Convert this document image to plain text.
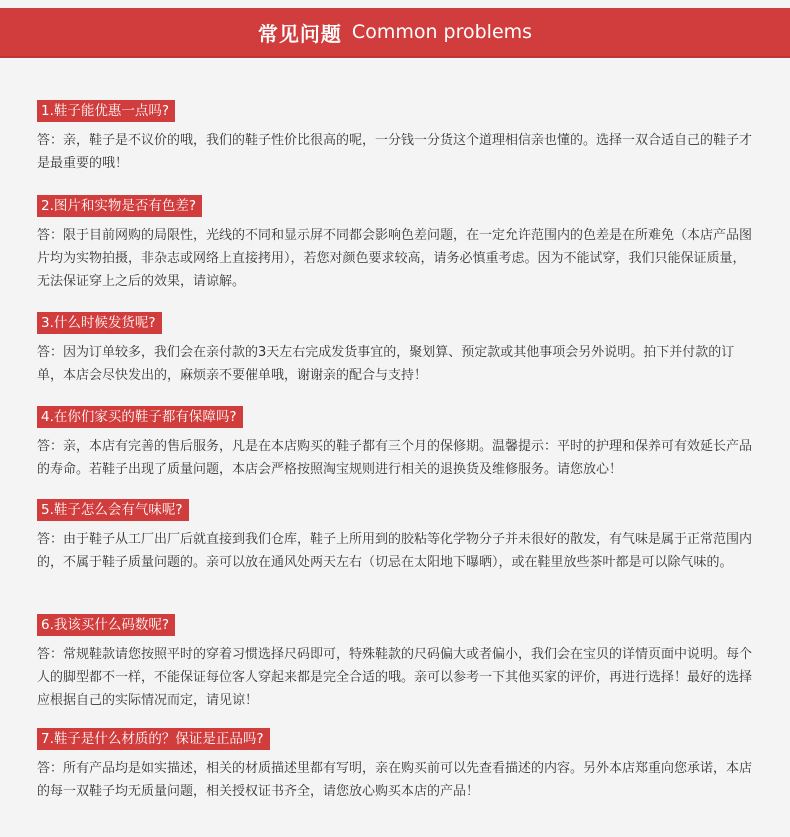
常见问题 Common problems
1.鞋子能优惠一点吗?

答：亲，鞋子是不议价的哦，我们的鞋子性价比很高的呢，一分钱一分货这个道理相信亲也懂的。选择一双合适自己的鞋子才是最重要的哦！

2.图片和实物是否有色差?

答：限于目前网购的局限性，光线的不同和显示屏不同都会影响色差问题，在一定允许范围内的色差是在所难免（本店产品图片均为实物拍摄，非杂志或网络上直接拷用），若您对颜色要求较高，请务必慎重考虑。因为不能试穿，我们只能保证质量，无法保证穿上之后的效果，请谅解。

3.什么时候发货呢?

答：因为订单较多，我们会在亲付款的3天左右完成发货事宜的，聚划算、预定款或其他事项会另外说明。拍下并付款的订单，本店会尽快发出的，麻烦亲不要催单哦，谢谢亲的配合与支持！

4.在你们家买的鞋子都有保障吗?

答：亲，本店有完善的售后服务，凡是在本店购买的鞋子都有三个月的保修期。温馨提示：平时的护理和保养可有效延长产品的寿命。若鞋子出现了质量问题，本店会严格按照淘宝规则进行相关的退换货及维修服务。请您放心！

5.鞋子怎么会有气味呢?

答：由于鞋子从工厂出厂后就直接到我们仓库，鞋子上所用到的胶粘等化学物分子并未很好的散发，有气味是属于正常范围内的，不属于鞋子质量问题的。亲可以放在通风处两天左右（切忌在太阳地下曝晒），或在鞋里放些茶叶都是可以除气味的。

6.我该买什么码数呢?

答：常规鞋款请您按照平时的穿着习惯选择尺码即可，特殊鞋款的尺码偏大或者偏小，我们会在宝贝的详情页面中说明。每个人的脚型都不一样，不能保证每位客人穿起来都是完全合适的哦。亲可以参考一下其他买家的评价，再进行选择！最好的选择应根据自己的实际情况而定，请见谅！

7.鞋子是什么材质的？保证是正品吗?

答：所有产品均是如实描述，相关的材质描述里都有写明，亲在购买前可以先查看描述的内容。另外本店郑重向您承诺，本店的每一双鞋子均无质量问题，相关授权证书齐全，请您放心购买本店的产品！
